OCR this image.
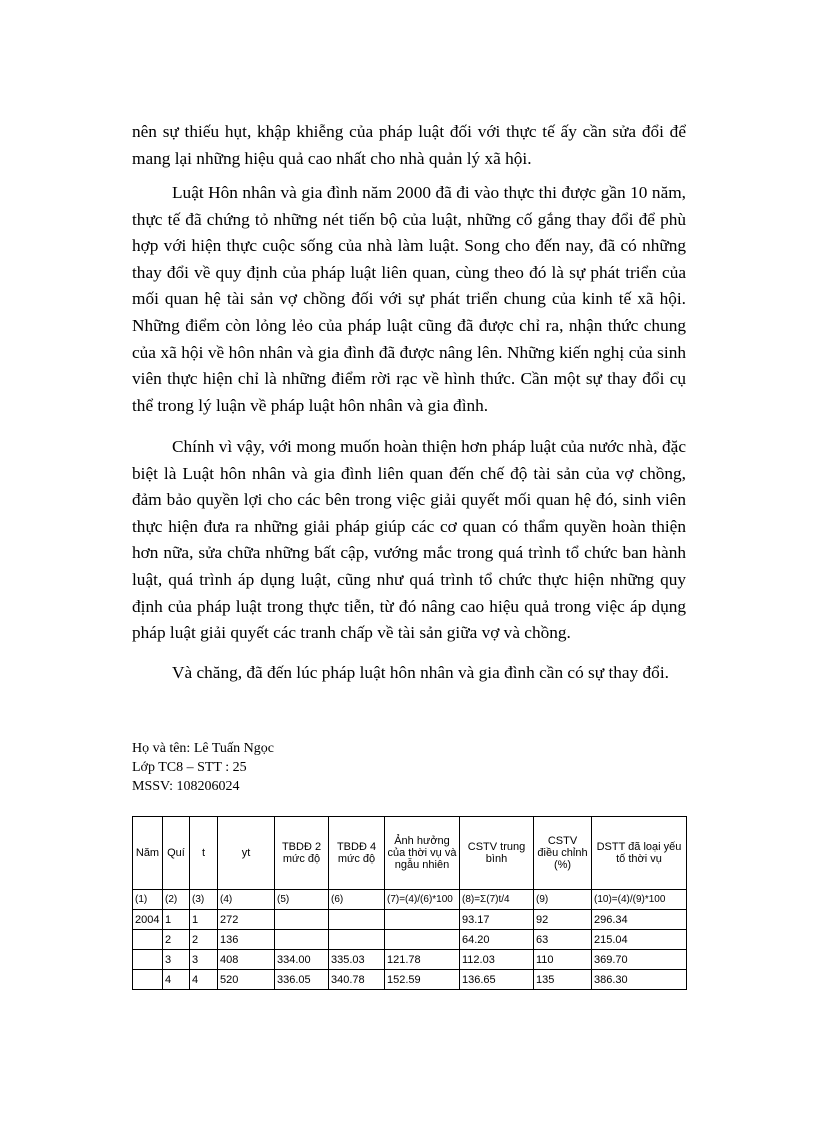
nên sự thiếu hụt, khập khiễng của pháp luật đối với thực tế ấy cần sửa đổi để mang lại những hiệu quả cao nhất cho nhà quản lý xã hội.

Luật Hôn nhân và gia đình năm 2000 đã đi vào thực thi được gần 10 năm, thực tế đã chứng tỏ những nét tiến bộ của luật, những cố gắng thay đổi để phù hợp với hiện thực cuộc sống của nhà làm luật. Song cho đến nay, đã có những thay đổi về quy định của pháp luật liên quan, cùng theo đó là sự phát triển của mối quan hệ tài sản vợ chồng đối với sự phát triển chung của kinh tế xã hội. Những điểm còn lỏng lẻo của pháp luật cũng đã được chỉ ra, nhận thức chung của xã hội về hôn nhân và gia đình đã được nâng lên. Những kiến nghị của sinh viên thực hiện chỉ là những điểm rời rạc về hình thức. Cần một sự thay đổi cụ thể trong lý luận về pháp luật hôn nhân và gia đình.

Chính vì vậy, với mong muốn hoàn thiện hơn pháp luật của nước nhà, đặc biệt là Luật hôn nhân và gia đình liên quan đến chế độ tài sản của vợ chồng, đảm bảo quyền lợi cho các bên trong việc giải quyết mối quan hệ đó, sinh viên thực hiện đưa ra những giải pháp giúp các cơ quan có thẩm quyền hoàn thiện hơn nữa, sửa chữa những bất cập, vướng mắc trong quá trình tổ chức ban hành luật, quá trình áp dụng luật, cũng như quá trình tổ chức thực hiện những quy định của pháp luật trong thực tiễn, từ đó nâng cao hiệu quả trong việc áp dụng pháp luật giải quyết các tranh chấp về tài sản giữa vợ và chồng.

Và chăng, đã đến lúc pháp luật hôn nhân và gia đình cần có sự thay đổi.

Họ và tên: Lê Tuấn Ngọc
Lớp TC8 – STT : 25
MSSV: 108206024
Năm	Quí	t	yt	TBDĐ 2 mức độ	TBDĐ 4 mức độ	Ảnh hưởng của thời vụ và ngẫu nhiên	CSTV trung bình	CSTV điều chỉnh (%)	DSTT đã loại yếu tố thời vụ
(1)	(2)	(3)	(4)	(5)	(6)	(7)=(4)/(6)*100	(8)=Σ(7)t/4	(9)	(10)=(4)/(9)*100
2004	1	1	272				93.17	92	296.34
	2	2	136				64.20	63	215.04
	3	3	408	334.00	335.03	121.78	112.03	110	369.70
	4	4	520	336.05	340.78	152.59	136.65	135	386.30
